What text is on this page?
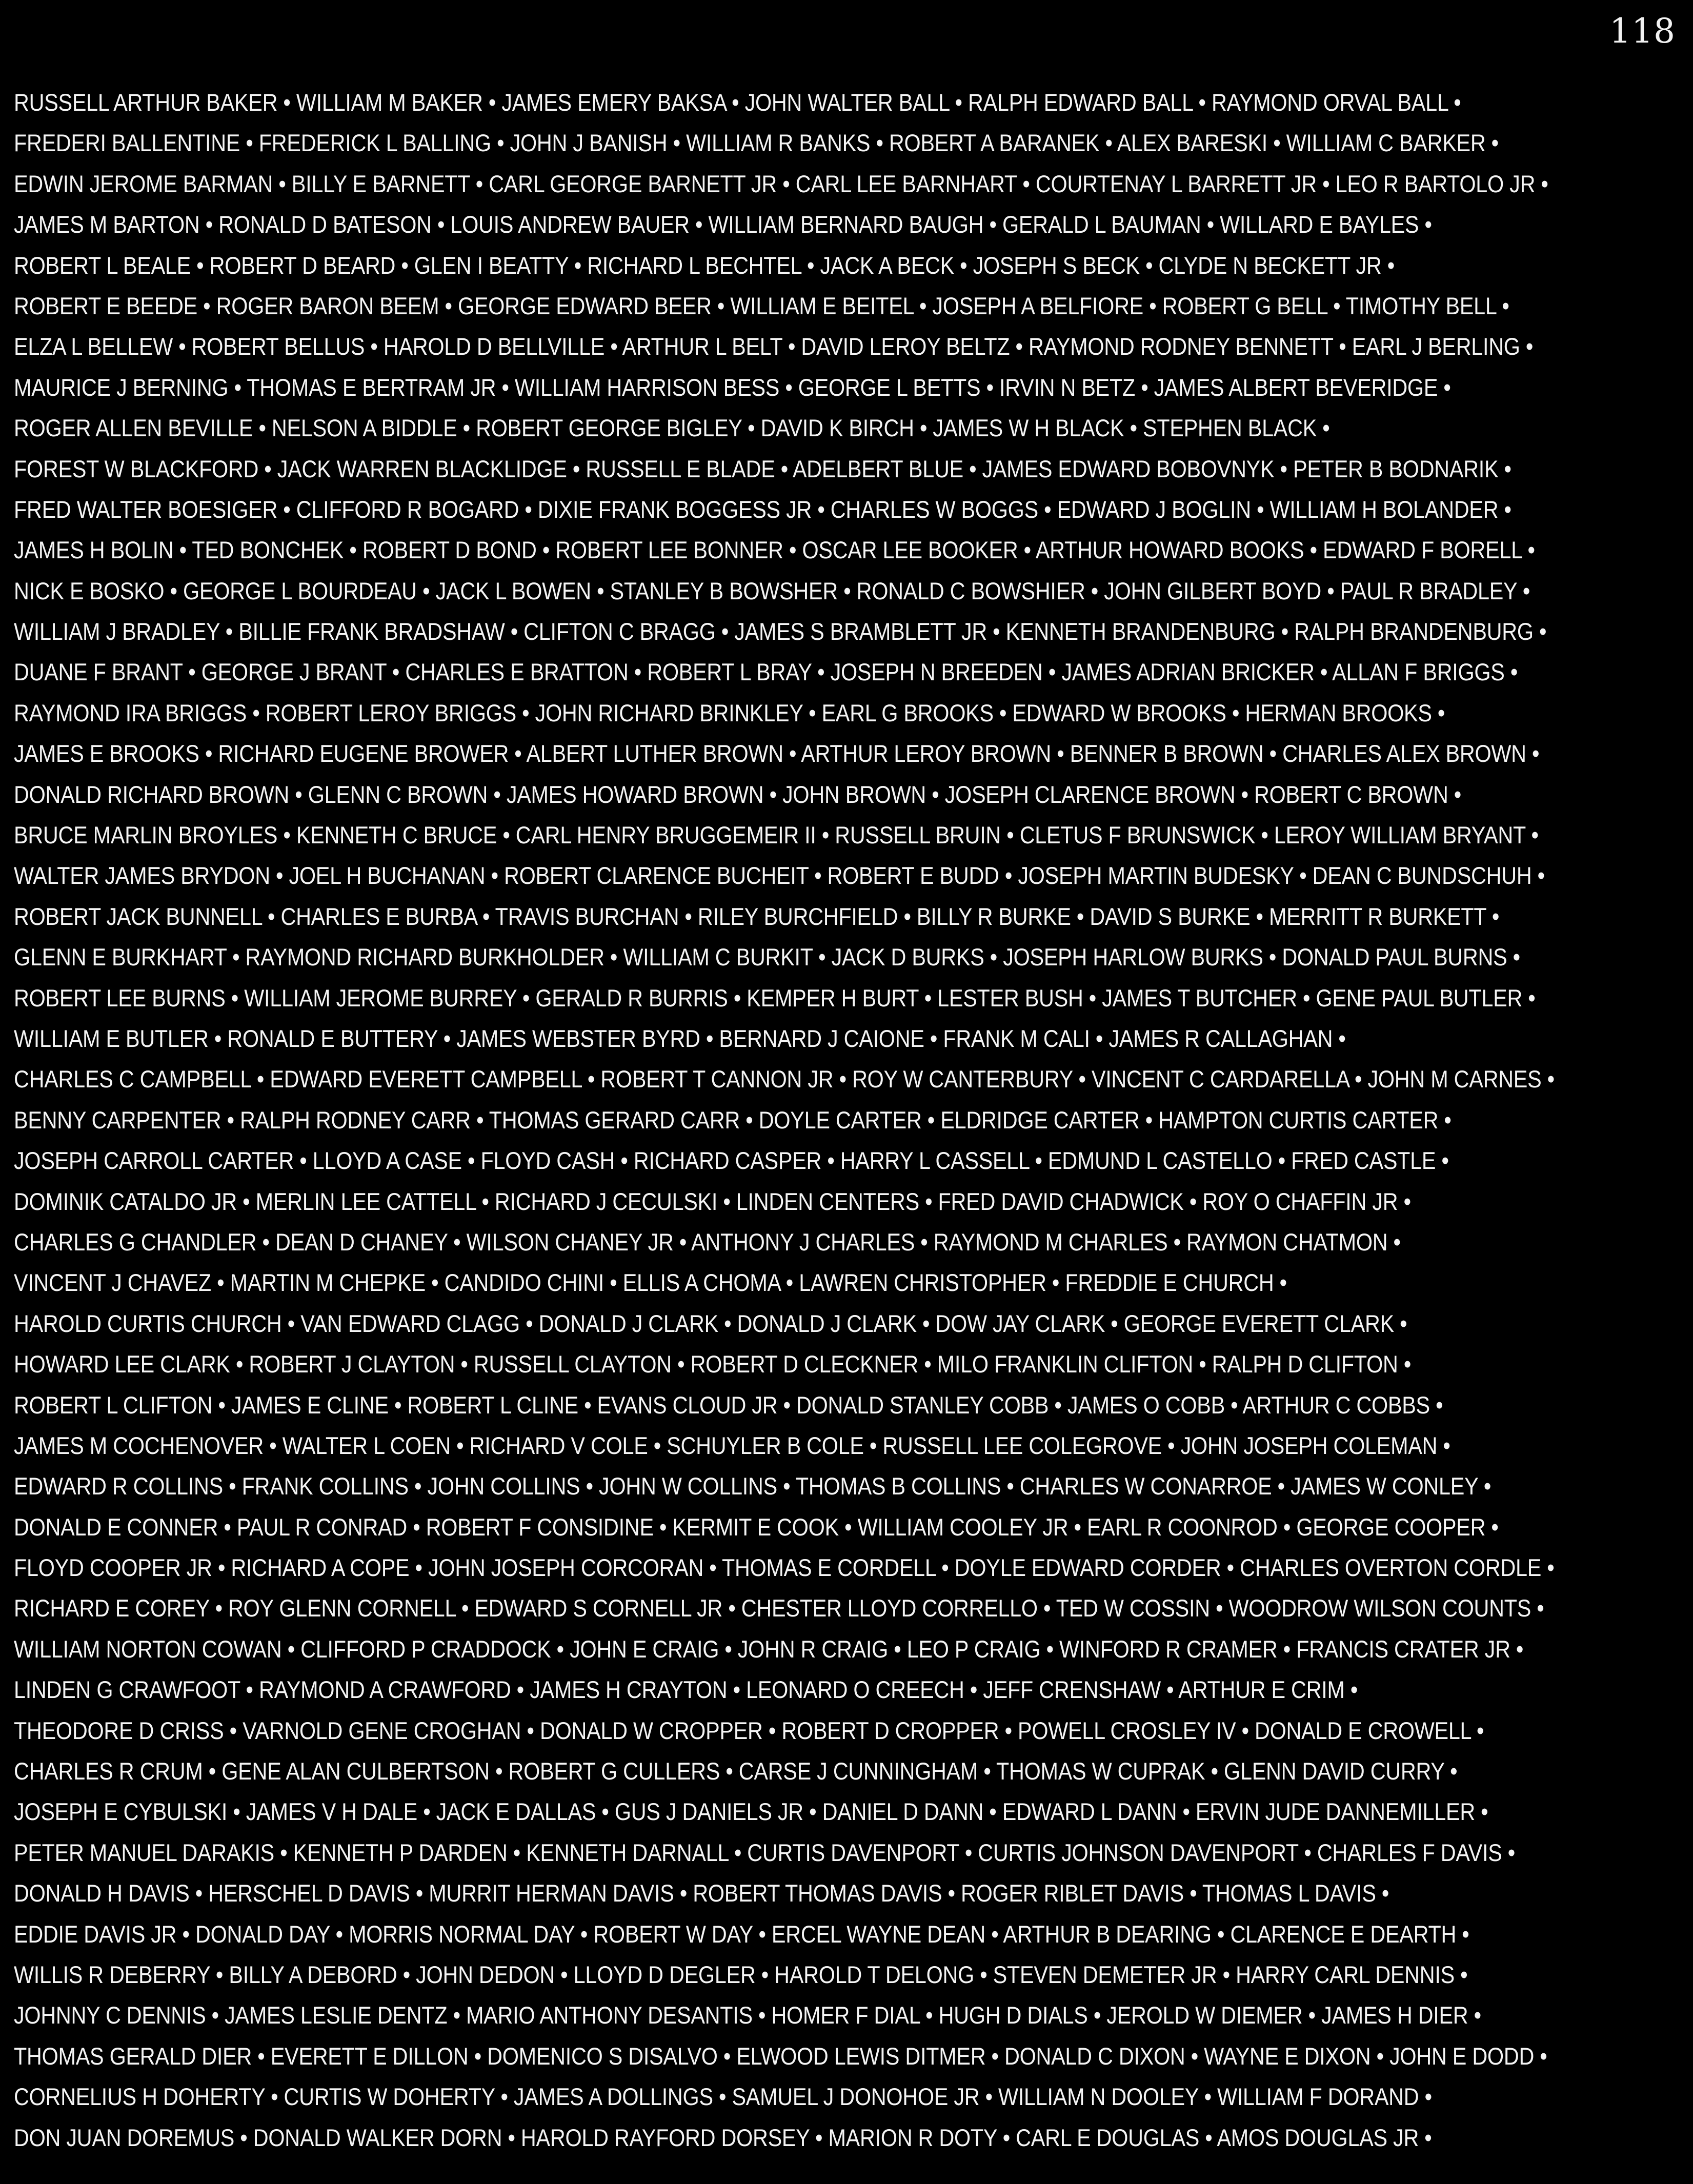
118
RUSSELL ARTHUR BAKER • WILLIAM M BAKER • JAMES EMERY BAKSA • JOHN WALTER BALL • RALPH EDWARD BALL • RAYMOND ORVAL BALL •
FREDERI BALLENTINE • FREDERICK L BALLING • JOHN J BANISH • WILLIAM R BANKS • ROBERT A BARANEK • ALEX BARESKI • WILLIAM C BARKER •
EDWIN JEROME BARMAN • BILLY E BARNETT • CARL GEORGE BARNETT JR • CARL LEE BARNHART • COURTENAY L BARRETT JR • LEO R BARTOLO JR •
JAMES M BARTON • RONALD D BATESON • LOUIS ANDREW BAUER • WILLIAM BERNARD BAUGH • GERALD L BAUMAN • WILLARD E BAYLES •
ROBERT L BEALE • ROBERT D BEARD • GLEN I BEATTY • RICHARD L BECHTEL • JACK A BECK • JOSEPH S BECK • CLYDE N BECKETT JR •
ROBERT E BEEDE • ROGER BARON BEEM • GEORGE EDWARD BEER • WILLIAM E BEITEL • JOSEPH A BELFIORE • ROBERT G BELL • TIMOTHY BELL •
ELZA L BELLEW • ROBERT BELLUS • HAROLD D BELLVILLE • ARTHUR L BELT • DAVID LEROY BELTZ • RAYMOND RODNEY BENNETT • EARL J BERLING •
MAURICE J BERNING • THOMAS E BERTRAM JR • WILLIAM HARRISON BESS • GEORGE L BETTS • IRVIN N BETZ • JAMES ALBERT BEVERIDGE •
ROGER ALLEN BEVILLE • NELSON A BIDDLE • ROBERT GEORGE BIGLEY • DAVID K BIRCH • JAMES W H BLACK • STEPHEN BLACK •
FOREST W BLACKFORD • JACK WARREN BLACKLIDGE • RUSSELL E BLADE • ADELBERT BLUE • JAMES EDWARD BOBOVNYK • PETER B BODNARIK •
FRED WALTER BOESIGER • CLIFFORD R BOGARD • DIXIE FRANK BOGGESS JR • CHARLES W BOGGS • EDWARD J BOGLIN • WILLIAM H BOLANDER •
JAMES H BOLIN • TED BONCHEK • ROBERT D BOND • ROBERT LEE BONNER • OSCAR LEE BOOKER • ARTHUR HOWARD BOOKS • EDWARD F BORELL •
NICK E BOSKO • GEORGE L BOURDEAU • JACK L BOWEN • STANLEY B BOWSHER • RONALD C BOWSHIER • JOHN GILBERT BOYD • PAUL R BRADLEY •
WILLIAM J BRADLEY • BILLIE FRANK BRADSHAW • CLIFTON C BRAGG • JAMES S BRAMBLETT JR • KENNETH BRANDENBURG • RALPH BRANDENBURG •
DUANE F BRANT • GEORGE J BRANT • CHARLES E BRATTON • ROBERT L BRAY • JOSEPH N BREEDEN • JAMES ADRIAN BRICKER • ALLAN F BRIGGS •
RAYMOND IRA BRIGGS • ROBERT LEROY BRIGGS • JOHN RICHARD BRINKLEY • EARL G BROOKS • EDWARD W BROOKS • HERMAN BROOKS •
JAMES E BROOKS • RICHARD EUGENE BROWER • ALBERT LUTHER BROWN • ARTHUR LEROY BROWN • BENNER B BROWN • CHARLES ALEX BROWN •
DONALD RICHARD BROWN • GLENN C BROWN • JAMES HOWARD BROWN • JOHN BROWN • JOSEPH CLARENCE BROWN • ROBERT C BROWN •
BRUCE MARLIN BROYLES • KENNETH C BRUCE • CARL HENRY BRUGGEMEIR II • RUSSELL BRUIN • CLETUS F BRUNSWICK • LEROY WILLIAM BRYANT •
WALTER JAMES BRYDON • JOEL H BUCHANAN • ROBERT CLARENCE BUCHEIT • ROBERT E BUDD • JOSEPH MARTIN BUDESKY • DEAN C BUNDSCHUH •
ROBERT JACK BUNNELL • CHARLES E BURBA • TRAVIS BURCHAN • RILEY BURCHFIELD • BILLY R BURKE • DAVID S BURKE • MERRITT R BURKETT •
GLENN E BURKHART • RAYMOND RICHARD BURKHOLDER • WILLIAM C BURKIT • JACK D BURKS • JOSEPH HARLOW BURKS • DONALD PAUL BURNS •
ROBERT LEE BURNS • WILLIAM JEROME BURREY • GERALD R BURRIS • KEMPER H BURT • LESTER BUSH • JAMES T BUTCHER • GENE PAUL BUTLER •
WILLIAM E BUTLER • RONALD E BUTTERY • JAMES WEBSTER BYRD • BERNARD J CAIONE • FRANK M CALI • JAMES R CALLAGHAN •
CHARLES C CAMPBELL • EDWARD EVERETT CAMPBELL • ROBERT T CANNON JR • ROY W CANTERBURY • VINCENT C CARDARELLA • JOHN M CARNES •
BENNY CARPENTER • RALPH RODNEY CARR • THOMAS GERARD CARR • DOYLE CARTER • ELDRIDGE CARTER • HAMPTON CURTIS CARTER •
JOSEPH CARROLL CARTER • LLOYD A CASE • FLOYD CASH • RICHARD CASPER • HARRY L CASSELL • EDMUND L CASTELLO • FRED CASTLE •
DOMINIK CATALDO JR • MERLIN LEE CATTELL • RICHARD J CECULSKI • LINDEN CENTERS • FRED DAVID CHADWICK • ROY O CHAFFIN JR •
CHARLES G CHANDLER • DEAN D CHANEY • WILSON CHANEY JR • ANTHONY J CHARLES • RAYMOND M CHARLES • RAYMON CHATMON •
VINCENT J CHAVEZ • MARTIN M CHEPKE • CANDIDO CHINI • ELLIS A CHOMA • LAWREN CHRISTOPHER • FREDDIE E CHURCH •
HAROLD CURTIS CHURCH • VAN EDWARD CLAGG • DONALD J CLARK • DONALD J CLARK • DOW JAY CLARK • GEORGE EVERETT CLARK •
HOWARD LEE CLARK • ROBERT J CLAYTON • RUSSELL CLAYTON • ROBERT D CLECKNER • MILO FRANKLIN CLIFTON • RALPH D CLIFTON •
ROBERT L CLIFTON • JAMES E CLINE • ROBERT L CLINE • EVANS CLOUD JR • DONALD STANLEY COBB • JAMES O COBB • ARTHUR C COBBS •
JAMES M COCHENOVER • WALTER L COEN • RICHARD V COLE • SCHUYLER B COLE • RUSSELL LEE COLEGROVE • JOHN JOSEPH COLEMAN •
EDWARD R COLLINS • FRANK COLLINS • JOHN COLLINS • JOHN W COLLINS • THOMAS B COLLINS • CHARLES W CONARROE • JAMES W CONLEY •
DONALD E CONNER • PAUL R CONRAD • ROBERT F CONSIDINE • KERMIT E COOK • WILLIAM COOLEY JR • EARL R COONROD • GEORGE COOPER •
FLOYD COOPER JR • RICHARD A COPE • JOHN JOSEPH CORCORAN • THOMAS E CORDELL • DOYLE EDWARD CORDER • CHARLES OVERTON CORDLE •
RICHARD E COREY • ROY GLENN CORNELL • EDWARD S CORNELL JR • CHESTER LLOYD CORRELLO • TED W COSSIN • WOODROW WILSON COUNTS •
WILLIAM NORTON COWAN • CLIFFORD P CRADDOCK • JOHN E CRAIG • JOHN R CRAIG • LEO P CRAIG • WINFORD R CRAMER • FRANCIS CRATER JR •
LINDEN G CRAWFOOT • RAYMOND A CRAWFORD • JAMES H CRAYTON • LEONARD O CREECH • JEFF CRENSHAW • ARTHUR E CRIM •
THEODORE D CRISS • VARNOLD GENE CROGHAN • DONALD W CROPPER • ROBERT D CROPPER • POWELL CROSLEY IV • DONALD E CROWELL •
CHARLES R CRUM • GENE ALAN CULBERTSON • ROBERT G CULLERS • CARSE J CUNNINGHAM • THOMAS W CUPRAK • GLENN DAVID CURRY •
JOSEPH E CYBULSKI • JAMES V H DALE • JACK E DALLAS • GUS J DANIELS JR • DANIEL D DANN • EDWARD L DANN • ERVIN JUDE DANNEMILLER •
PETER MANUEL DARAKIS • KENNETH P DARDEN • KENNETH DARNALL • CURTIS DAVENPORT • CURTIS JOHNSON DAVENPORT • CHARLES F DAVIS •
DONALD H DAVIS • HERSCHEL D DAVIS • MURRIT HERMAN DAVIS • ROBERT THOMAS DAVIS • ROGER RIBLET DAVIS • THOMAS L DAVIS •
EDDIE DAVIS JR • DONALD DAY • MORRIS NORMAL DAY • ROBERT W DAY • ERCEL WAYNE DEAN • ARTHUR B DEARING • CLARENCE E DEARTH •
WILLIS R DEBERRY • BILLY A DEBORD • JOHN DEDON • LLOYD D DEGLER • HAROLD T DELONG • STEVEN DEMETER JR • HARRY CARL DENNIS •
JOHNNY C DENNIS • JAMES LESLIE DENTZ • MARIO ANTHONY DESANTIS • HOMER F DIAL • HUGH D DIALS • JEROLD W DIEMER • JAMES H DIER •
THOMAS GERALD DIER • EVERETT E DILLON • DOMENICO S DISALVO • ELWOOD LEWIS DITMER • DONALD C DIXON • WAYNE E DIXON • JOHN E DODD •
CORNELIUS H DOHERTY • CURTIS W DOHERTY • JAMES A DOLLINGS • SAMUEL J DONOHOE JR • WILLIAM N DOOLEY • WILLIAM F DORAND •
DON JUAN DOREMUS • DONALD WALKER DORN • HAROLD RAYFORD DORSEY • MARION R DOTY • CARL E DOUGLAS • AMOS DOUGLAS JR •
